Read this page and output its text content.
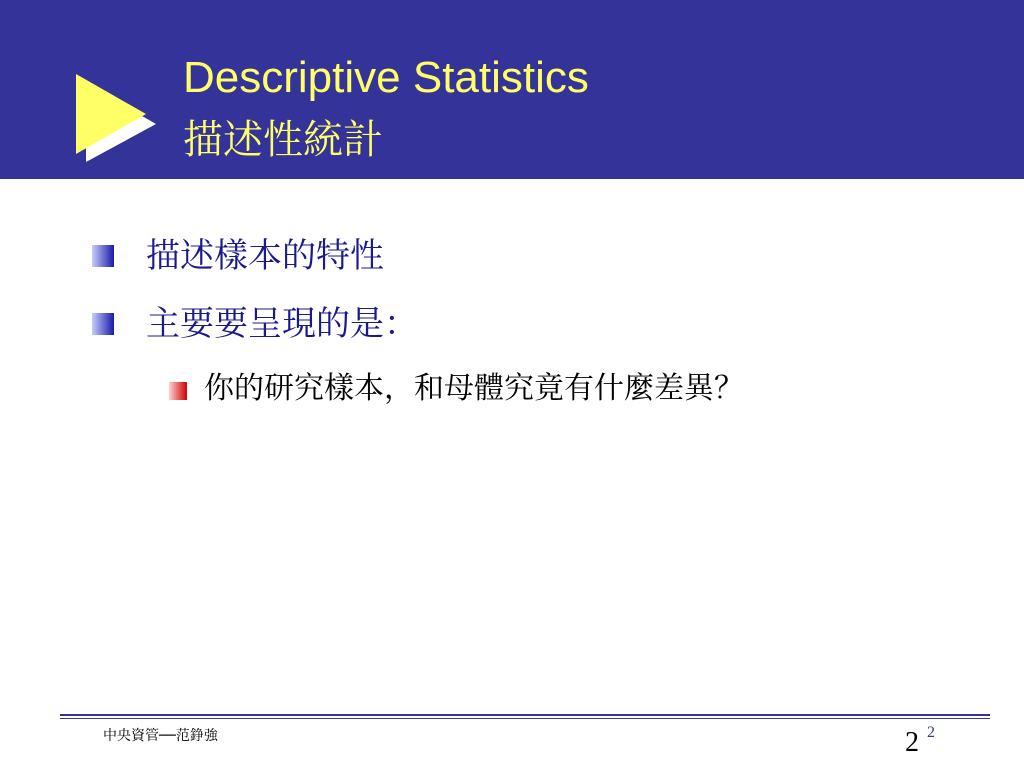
Descriptive Statistics
描述性統計
描述樣本的特性
主要要呈現的是：
你的研究樣本，和母體究竟有什麼差異？
中央資管──范錚強	2 2
